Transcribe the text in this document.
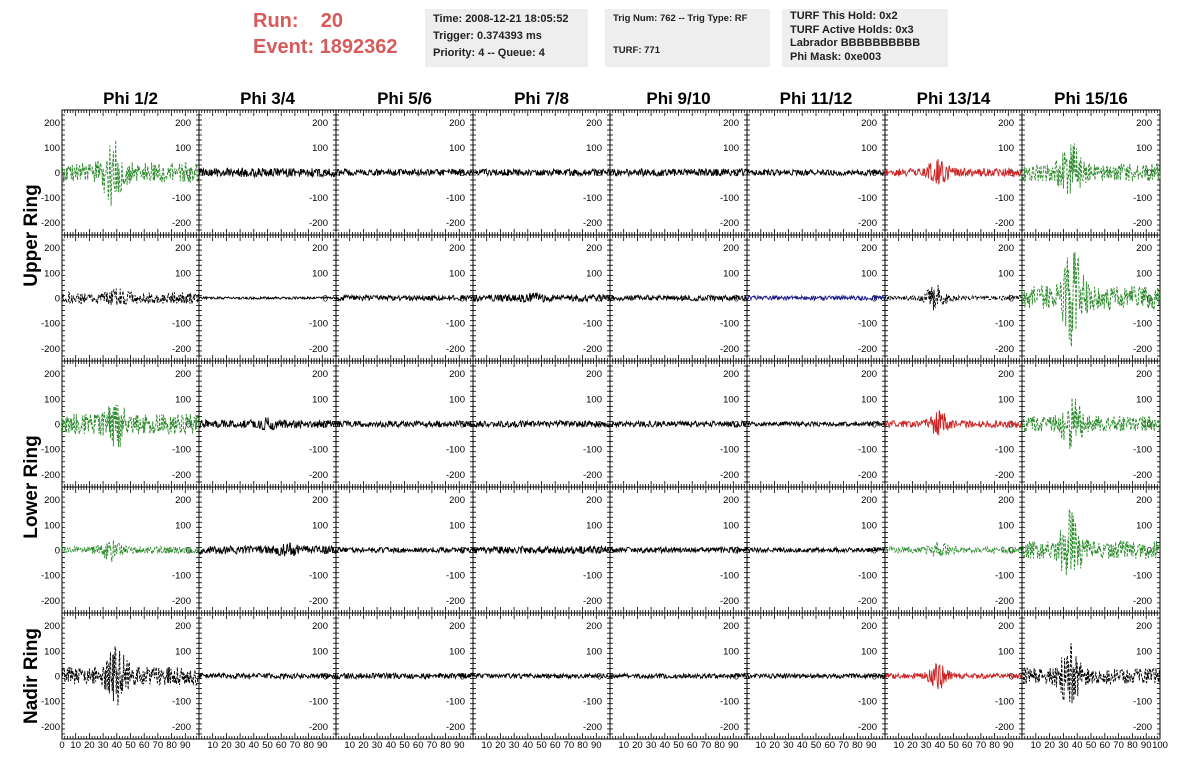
Run: 20
Event: 1892362
Time: 2008-12-21 18:05:52
Trigger: 0.374393 ms
Priority: 4 -- Queue: 4
Trig Num: 762 -- Trig Type: RF

TURF: 771
TURF This Hold: 0x2
TURF Active Holds: 0x3
Labrador BBBBBBBBBB
Phi Mask: 0xe003
Phi 1/2	Phi 3/4	Phi 5/6	Phi 7/8	Phi 9/10	Phi 11/12	Phi 13/14	Phi 15/16
Upper Ring
Lower Ring
Nadir Ring
200
100
0
-100
-200
200
100
0
-100
-200
200
100
0
-100
-200
200
100
0
-100
-200
200
100
0
-100
-200
200
100
0
-100
-200
200
100
0
-100
-200
200
100
0
-100
-200
200
100
0
-100
-200
200
100
0
-100
-200
200
100
0
-100
-200
200
100
0
-100
-200
200
100
0
-100
-200
200
100
0
-100
-200
200
100
0
-100
-200
200
100
0
-100
-200
200
100
0
-100
-200
200
100
0
-100
-200
200
100
0
-100
-200
200
100
0
-100
-200
200
100
0
-100
-200
200
100
0
-100
-200
200
100
0
-100
-200
200
100
0
-100
-200
200
100
0
-100
-200
200
100
0
-100
-200
200
100
0
-100
-200
200
100
0
-100
-200
200
100
0
-100
-200
200
100
0
-100
-200
200
100
0
-100
-200
200
100
0
-100
-200
200
100
0
-100
-200
200
100
0
-100
-200
200
100
0
-100
-200
200
100
0
-100
-200
200
100
0
-100
-200
200
100
0
-100
-200
200
100
0
-100
-200
200
100
0
-100
-200
200
100
0
-100
-200
200
100
0
-100
-200
200
100
0
-100
-200
200
100
0
-100
-200
200
100
0
-100
-200
0 10 20 30 40 50 60 70 80 90 10 20 30 40 50 60 70 80 90 10 20 30 40 50 60 70 80 90 10 20 30 40 50 60 70 80 90 10 20 30 40 50 60 70 80 90 10 20 30 40 50 60 70 80 90 10 20 30 40 50 60 70 80 90 10 20 30 40 50 60 70 80 90 100
